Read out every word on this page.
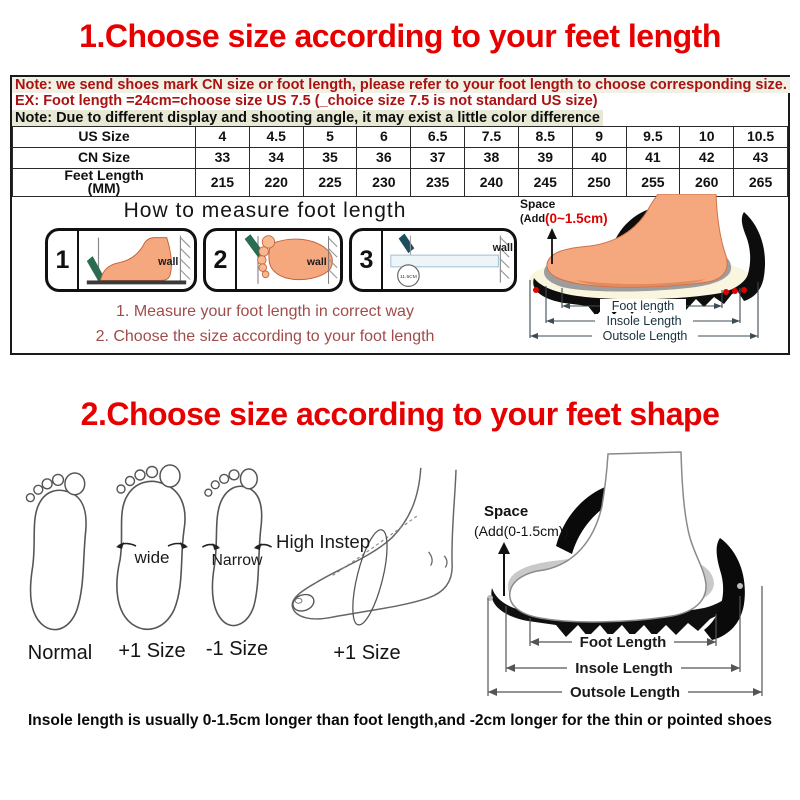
1.Choose size according to your feet length
Note: we send shoes mark CN size or foot length, please refer to your foot length to choose corresponding size.
EX: Foot length =24cm=choose size US 7.5 (_choice size 7.5 is not standard US size)
Note: Due to different display and shooting angle, it may exist a little color difference
US Size	4	4.5	5	6	6.5	7.5	8.5	9	9.5	10	10.5
CN Size	33	34	35	36	37	38	39	40	41	42	43

Feet Length
(MM)	215	220	225	230	235	240	245	250	255	260	265
How to measure foot length
1	wall	2	wall	3
11.5CM
wall
1. Measure your foot length in correct way
2. Choose the size according to your foot length
Space
(Add (0~1.5cm)
Foot length
Insole Length
Outsole Length
2.Choose size according to your feet shape
Normal
wide
+1 Size
Narrow
-1 Size
High Instep
+1 Size
Space
(Add(0-1.5cm))
Foot Length
Insole Length
Outsole Length
Insole length is usually 0-1.5cm longer than foot length,and -2cm longer for the thin or pointed shoes
